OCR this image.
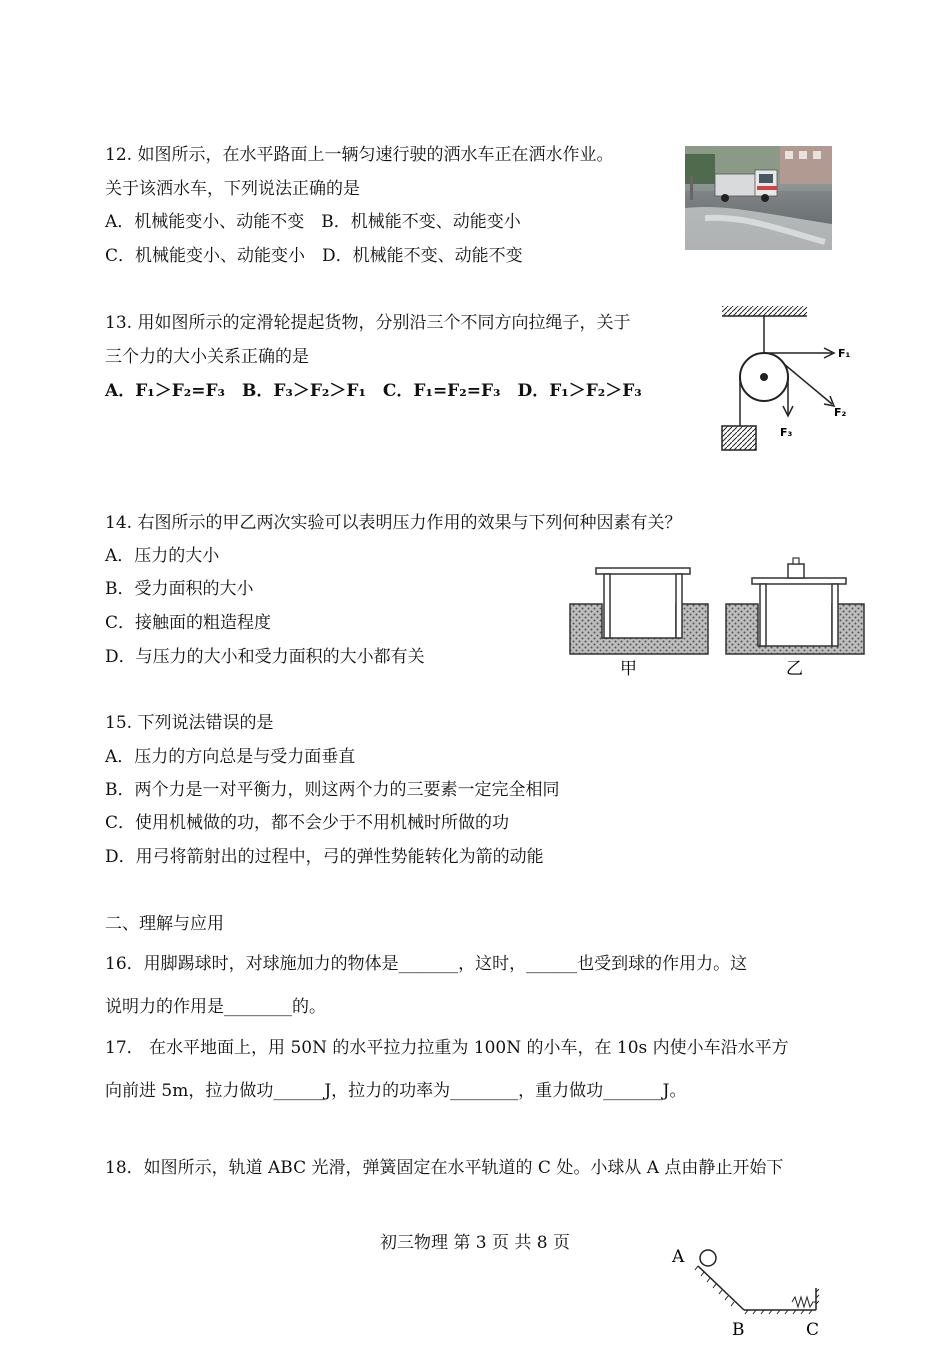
12. 如图所示，在水平路面上一辆匀速行驶的洒水车正在洒水作业。
关于该洒水车，下列说法正确的是
A．机械能变小、动能不变　B．机械能不变、动能变小
C．机械能变小、动能变小　D．机械能不变、动能不变
13. 用如图所示的定滑轮提起货物，分别沿三个不同方向拉绳子，关于
三个力的大小关系正确的是
A．F₁＞F₂=F₃　B．F₃＞F₂＞F₁　C．F₁=F₂=F₃　D．F₁＞F₂＞F₃
F₁
F₂
F₃
14. 右图所示的甲乙两次实验可以表明压力作用的效果与下列何种因素有关？
A．压力的大小
B．受力面积的大小
C．接触面的粗造程度
D．与压力的大小和受力面积的大小都有关
甲	乙
15. 下列说法错误的是
A．压力的方向总是与受力面垂直
B．两个力是一对平衡力，则这两个力的三要素一定完全相同
C．使用机械做的功，都不会少于不用机械时所做的功
D．用弓将箭射出的过程中，弓的弹性势能转化为箭的动能
二、理解与应用
16．用脚踢球时，对球施加力的物体是_______，这时，______也受到球的作用力。这
说明力的作用是________的。
17． 在水平地面上，用 50N 的水平拉力拉重为 100N 的小车，在 10s 内使小车沿水平方
向前进 5m，拉力做功______J，拉力的功率为________，重力做功_______J。
18．如图所示，轨道 ABC 光滑，弹簧固定在水平轨道的 C 处。小球从 A 点由静止开始下
A
B	C
初三物理 第 3 页 共 8 页
